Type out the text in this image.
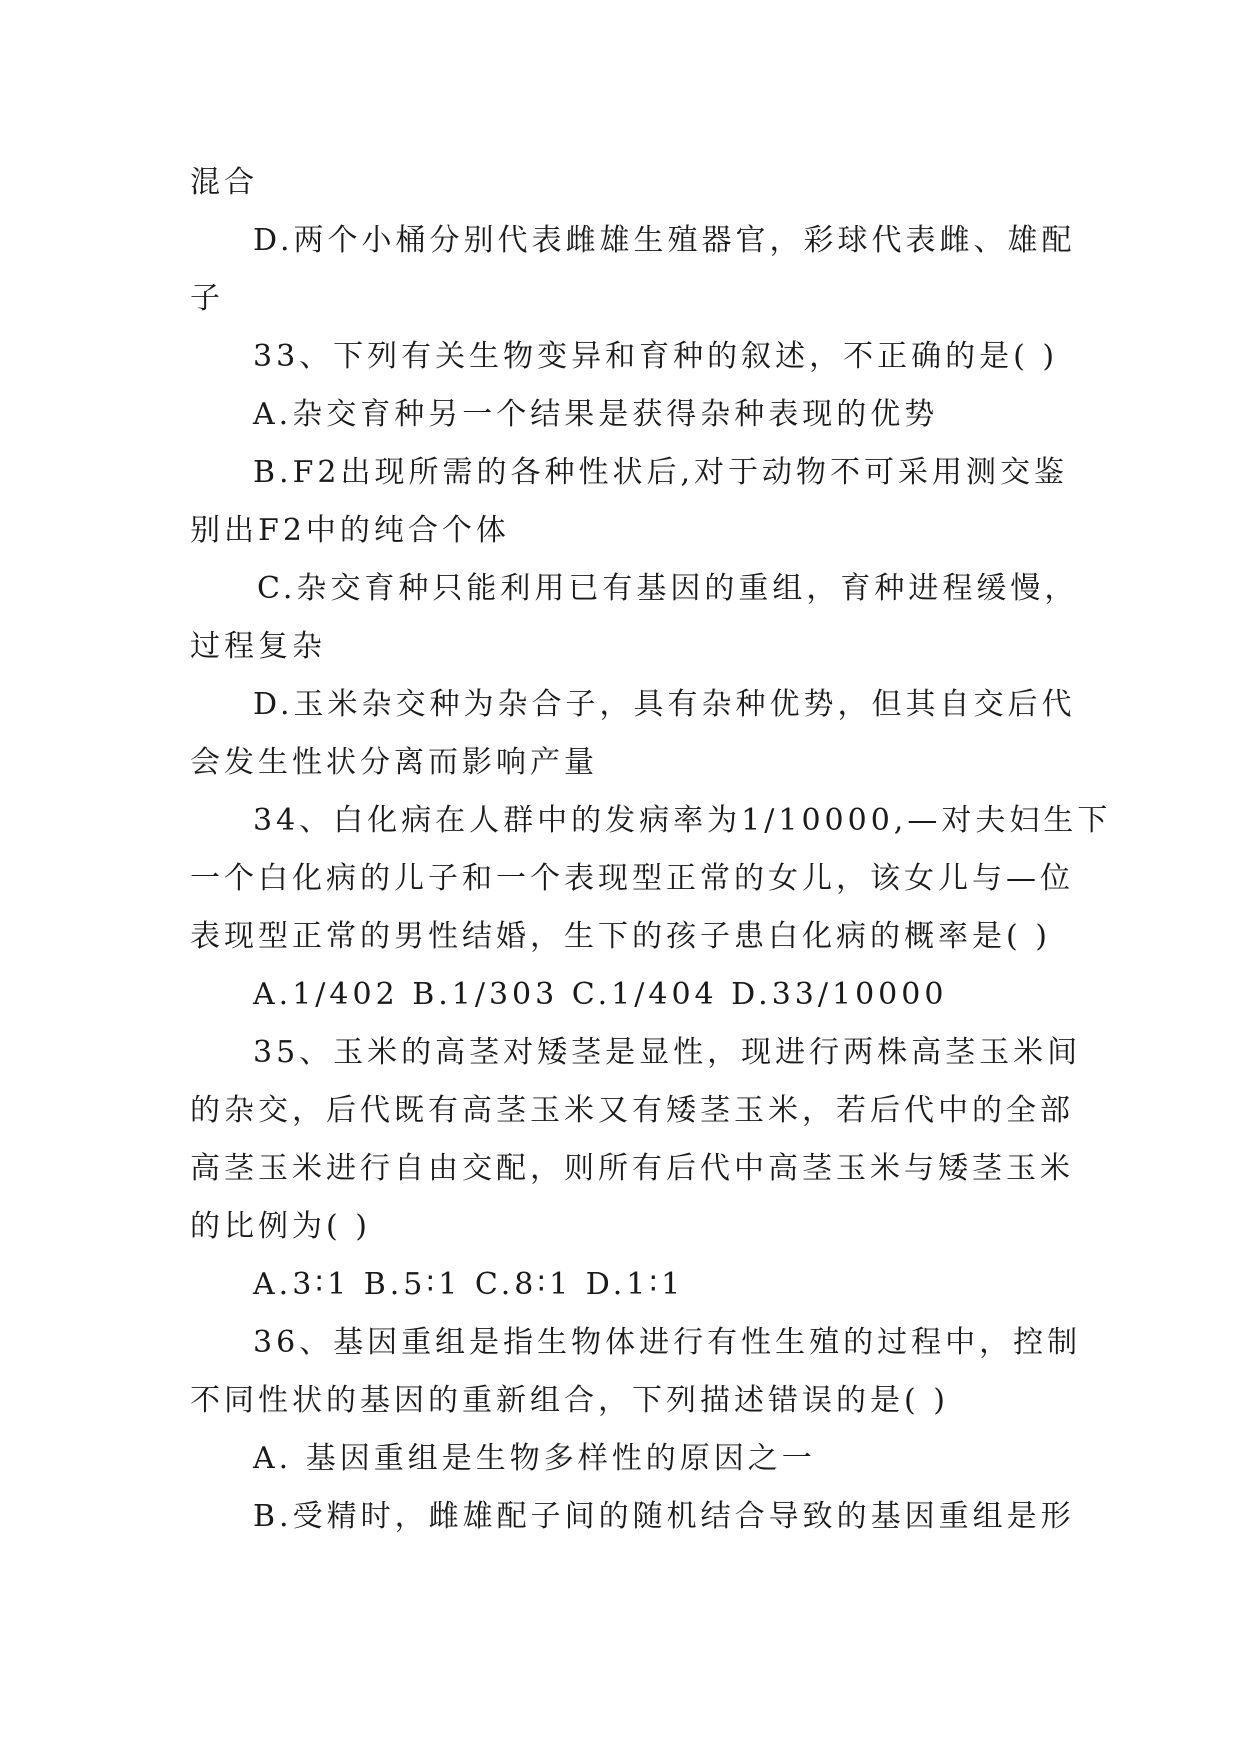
混合
D.两个小桶分别代表雌雄生殖器官，彩球代表雌、雄配
子
33、下列有关生物变异和育种的叙述，不正确的是( )
A.杂交育种另一个结果是获得杂种表现的优势
B.F2出现所需的各种性状后,对于动物不可采用测交鉴
别出F2中的纯合个体
C.杂交育种只能利用已有基因的重组，育种进程缓慢，
过程复杂
D.玉米杂交种为杂合子，具有杂种优势，但其自交后代
会发生性状分离而影响产量
34、白化病在人群中的发病率为1/10000,—对夫妇生下
一个白化病的儿子和一个表现型正常的女儿，该女儿与—位
表现型正常的男性结婚，生下的孩子患白化病的概率是( )
A.1/402 B.1/303 C.1/404 D.33/10000
35、玉米的高茎对矮茎是显性，现进行两株高茎玉米间
的杂交，后代既有高茎玉米又有矮茎玉米，若后代中的全部
高茎玉米进行自由交配，则所有后代中高茎玉米与矮茎玉米
的比例为( )
A.3∶1 B.5∶1 C.8∶1 D.1∶1
36、基因重组是指生物体进行有性生殖的过程中，控制
不同性状的基因的重新组合，下列描述错误的是( )
A. 基因重组是生物多样性的原因之一
B.受精时，雌雄配子间的随机结合导致的基因重组是形
